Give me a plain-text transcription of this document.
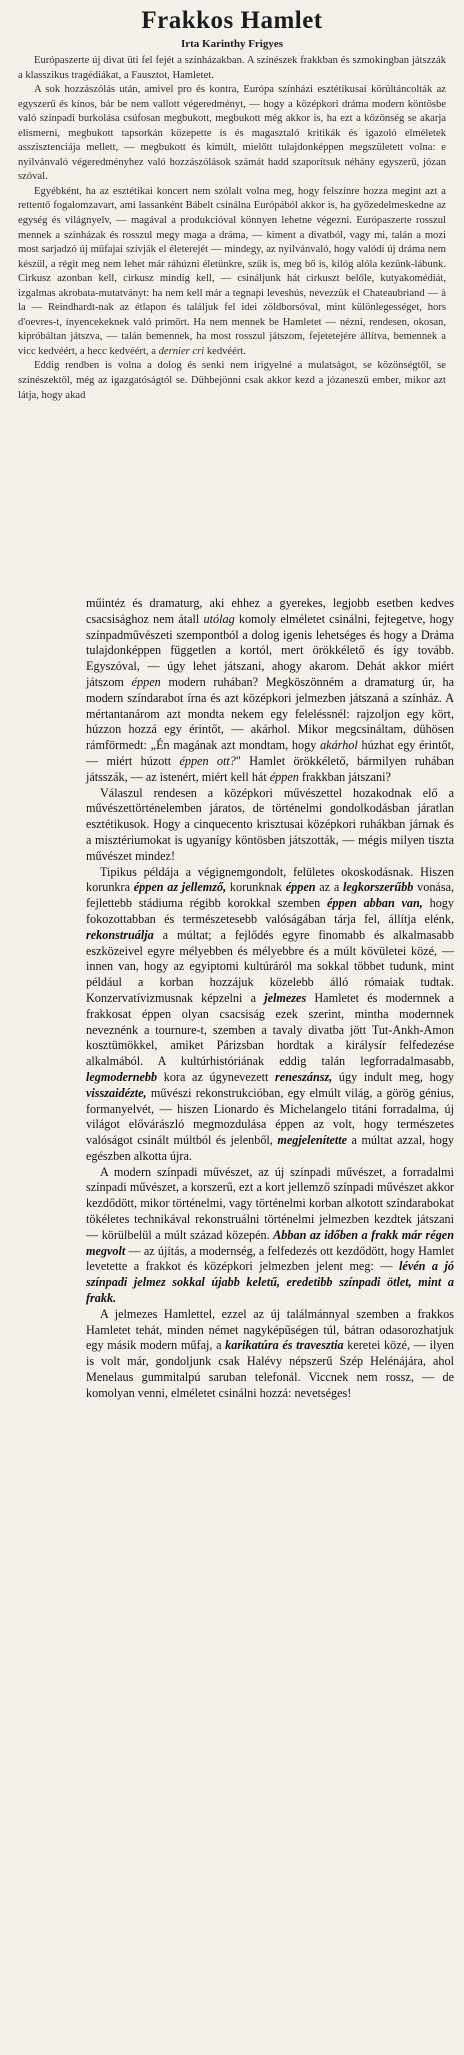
Frakkos Hamlet
Irta Karinthy Frigyes

Európaszerte új divat üti fel fejét a színházakban. A színészek frakkban és szmokingban játszzák a klasszikus tragédiákat, a Fausztot, Hamletet.

A sok hozzászólás után, amivel pro és kontra, Európa színházi esztétikusai körültáncolták az egyszerű és kínos, bár be nem vallott végeredményt, — hogy a középkori dráma modern köntösbe való színpadi burkolása csúfosan megbukott, megbukott még akkor is, ha ezt a közönség se akarja elismerni, megbukott tapsorkán közepette is és magasztaló kritikák és igazoló elméletek asszisztenciája mellett, — megbukott és kimúlt, mielőtt tulajdonképpen megszületett volna: e nyilvánvaló végeredményhez való hozzászólások számát hadd szaporítsuk néhány egyszerű, józan szóval.

Egyébként, ha az esztétikai koncert nem szólalt volna meg, hogy felszínre hozza megint azt a rettentő fogalomzavart, ami lassanként Bábelt csinálna Európából akkor is, ha győzedelmeskedne az egység és világnyelv, — magával a produkcióval könnyen lehetne végezni. Európaszerte rosszul mennek a színházak és rosszul megy maga a dráma, — kiment a divatból, vagy mi, talán a mozi most sarjadzó új műfajai szívják el életerejét — mindegy, az nyilvánvaló, hogy valódi új dráma nem készül, a régit meg nem lehet már ráhúzni életünkre, szűk is, meg bő is, kilóg alóla kezünk-lábunk. Cirkusz azonban kell, cirkusz mindig kell, — csináljunk hát cirkuszt belőle, kutyakomédiát, izgalmas akrobata-mutatványt: ha nem kell már a tegnapi leveshús, nevezzük el Chateaubriand — à la — Reindhardt-nak az étlapon és találjuk fel idei zöldborsóval, mint különlegességet, hors d'oevres-t, ínyencekeknek való primőrt. Ha nem mennek be Hamletet — nézni, rendesen, okosan, kipróbáltan játszva, — talán bemennek, ha most rosszul játszom, fejetetejére állítva, bemennek a vicc kedvéért, a hecc kedvéért, a dernier cri kedvéért.

Eddig rendben is volna a dolog és senki nem irigyelné a mulatságot, se közönségtől, se színészektől, még az igazgatóságtól se. Dühbejönni csak akkor kezd a józaneszű ember, mikor azt látja, hogy akad

műintéz és dramaturg, aki ehhez a gyerekes, legjobb esetben kedves csacsisághoz nem átall utólag komoly elméletet csinálni, fejtegetve, hogy színpadművészeti szempontból a dolog igenis lehetséges és hogy a Dráma tulajdonképpen független a kortól, mert örökkélető és így tovább. Egyszóval, — úgy lehet játszani, ahogy akarom. Dehát akkor miért játszom éppen modern ruhában? Megköszönném a dramaturg úr, ha modern színdarabot írna és azt középkori jelmezben játszaná a színház. A mértantanárom azt mondta nekem egy feleléssnél: rajzoljon egy kört, húzzon hozzá egy érintőt, — akárhol. Mikor megcsináltam, dühösen rámförmedt: „Én magának azt mondtam, hogy akárhol húzhat egy érintőt, — miért húzott éppen ott?" Hamlet örökkélető, bármilyen ruhában játsszák, — az istenért, miért kell hát éppen frakkban játszani?

Válaszul rendesen a középkori művészettel hozakodnak elő a művészettörténelemben járatos, de történelmi gondolkodásban járatlan esztétikusok. Hogy a cinquecento krisztusai középkori ruhákban járnak és a misztériumokat is ugyanígy köntösben játszották, — mégis milyen tiszta művészet mindez!

Tipikus példája a végignemgondolt, felületes okoskodásnak. Hiszen korunkra éppen az jellemző, korunknak éppen az a legkorszerűbb vonása, fejlettebb stádiuma régibb korokkal szemben éppen abban van, hogy fokozottabban és természetesebb valóságában tárja fel, állítja elénk, rekonstruálja a múltat; a fejlődés egyre finomabb és alkalmasabb eszközeivel egyre mélyebben és mélyebbre és a múlt kövületei közé, — innen van, hogy az egyiptomi kultúráról ma sokkal többet tudunk, mint például a korban hozzájuk közelebb álló rómaiak tudtak. Konzervatívizmusnak képzelni a jelmezes Hamletet és modernnek a frakkosat éppen olyan csacsiság ezek szerint, mintha modernnek neveznénk a tournure-t, szemben a tavaly divatba jött Tut-Ankh-Amon kosztümökkel, amiket Párizsban hordtak a királysír felfedezése alkalmából. A kultúrhistóriának eddig talán legforradalmasabb, legmodernebb kora az úgynevezett reneszánsz, úgy indult meg, hogy visszaidézte, művészi rekonstrukcióban, egy elmúlt világ, a görög génius, formanyelvét, — hiszen Lionardo és Michelangelo titáni forradalma, új világot elővárászló megmozdulása éppen az volt, hogy természetes valóságot csinált múltból és jelenből, megjelenítette a múltat azzal, hogy egészben alkotta újra.

A modern színpadi művészet, az új színpadi művészet, a forradalmi színpadi művészet, a korszerű, ezt a kort jellemző színpadi művészet akkor kezdődött, mikor történelmi, vagy történelmi korban alkotott színdarabokat tökéletes technikával rekonstruálni történelmi jelmezben kezdtek játszani — körülbelül a múlt század közepén. Abban az időben a frakk már régen megvolt — az újítás, a modernség, a felfedezés ott kezdődött, hogy Hamlet levetette a frakkot és középkori jelmezben jelent meg: — lévén a jó színpadi jelmez sokkal újabb keletű, eredetibb színpadi ötlet, mint a frakk.

A jelmezes Hamlettel, ezzel az új találmánnyal szemben a frakkos Hamletet tehát, minden német nagyképűségen túl, bátran odasorozhatjuk egy másik modern műfaj, a karikatúra és travesztia keretei közé, — ilyen is volt már, gondoljunk csak Halévy népszerű Szép Helénájára, ahol Menelaus gummitalpú saruban telefonál. Viccnek nem rossz, — de komolyan venni, elméletet csinálni hozzá: nevetséges!
